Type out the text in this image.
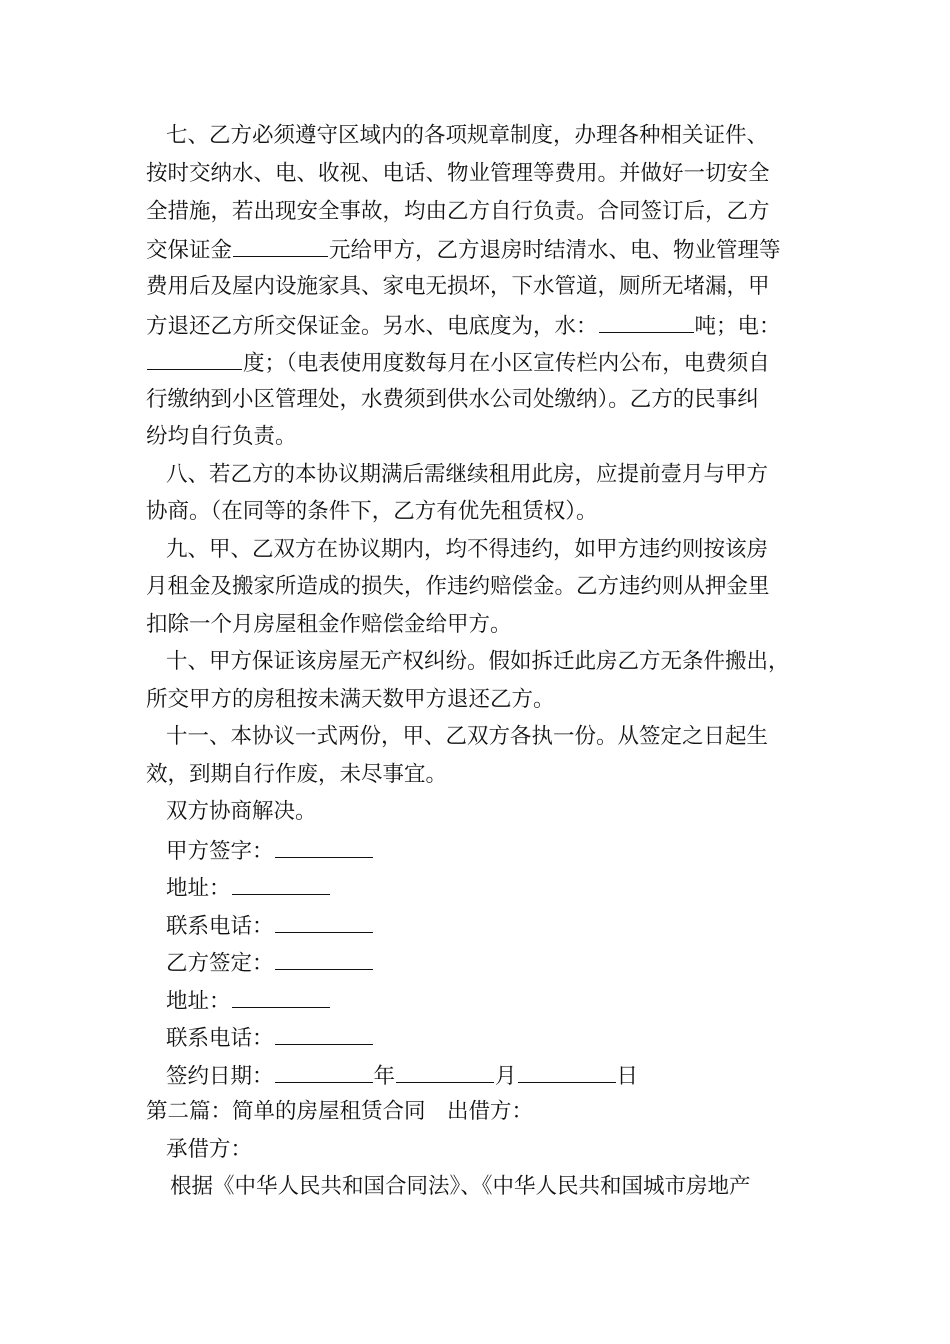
七、乙方必须遵守区域内的各项规章制度，办理各种相关证件、
按时交纳水、电、收视、电话、物业管理等费用。并做好一切安全
全措施，若出现安全事故，均由乙方自行负责。合同签订后，乙方
交保证金	元给甲方，乙方退房时结清水、电、物业管理等
费用后及屋内设施家具、家电无损坏，下水管道，厕所无堵漏，甲
方退还乙方所交保证金。另水、电底度为，水：	吨；电：
度；（电表使用度数每月在小区宣传栏内公布，电费须自
行缴纳到小区管理处，水费须到供水公司处缴纳）。乙方的民事纠
纷均自行负责。
八、若乙方的本协议期满后需继续租用此房，应提前壹月与甲方
协商。（在同等的条件下，乙方有优先租赁权）。
九、甲、乙双方在协议期内，均不得违约，如甲方违约则按该房
月租金及搬家所造成的损失，作违约赔偿金。乙方违约则从押金里
扣除一个月房屋租金作赔偿金给甲方。
十、甲方保证该房屋无产权纠纷。假如拆迁此房乙方无条件搬出，
所交甲方的房租按未满天数甲方退还乙方。
十一、本协议一式两份，甲、乙双方各执一份。从签定之日起生
效，到期自行作废，未尽事宜。
双方协商解决。
甲方签字：
地址：
联系电话：
乙方签定：
地址：
联系电话：
签约日期：	年	月	日
第二篇：简单的房屋租赁合同　出借方：
承借方：
根据《中华人民共和国合同法》、《中华人民共和国城市房地产
